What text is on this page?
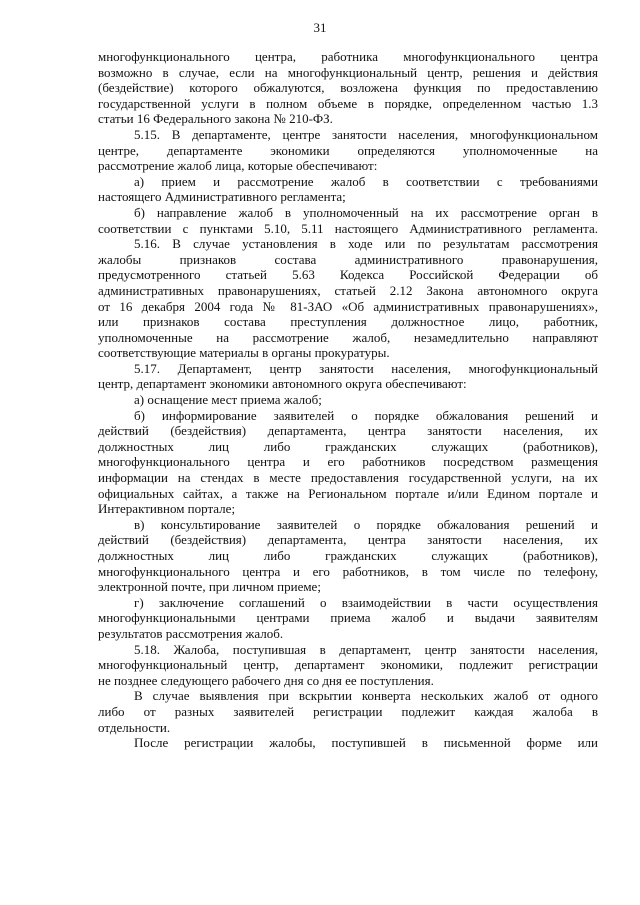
31

многофункционального центра, работника многофункционального центра
возможно в случае, если на многофункциональный центр, решения и действия
(бездействие) которого обжалуются, возложена функция по предоставлению
государственной услуги в полном объеме в порядке, определенном частью 1.3

статьи 16 Федерального закона № 210-ФЗ.

5.15. В департаменте, центре занятости населения, многофункциональном
центре, департаменте экономики определяются уполномоченные на

рассмотрение жалоб лица, которые обеспечивают:

а) прием и рассмотрение жалоб в соответствии с требованиями

настоящего Административного регламента;

б) направление жалоб в уполномоченный на их рассмотрение орган в
соответствии с пунктами 5.10, 5.11 настоящего Административного регламента.

5.16. В случае установления в ходе или по результатам рассмотрения
жалобы признаков состава административного правонарушения,
предусмотренного статьей 5.63 Кодекса Российской Федерации об
административных правонарушениях, статьей 2.12 Закона автономного округа
от 16 декабря 2004 года № 81-ЗАО «Об административных правонарушениях»,
или признаков состава преступления должностное лицо, работник,
уполномоченные на рассмотрение жалоб, незамедлительно направляют

соответствующие материалы в органы прокуратуры.

5.17. Департамент, центр занятости населения, многофункциональный

центр, департамент экономики автономного округа обеспечивают:

а) оснащение мест приема жалоб;

б) информирование заявителей о порядке обжалования решений и
действий (бездействия) департамента, центра занятости населения, их
должностных лиц либо гражданских служащих (работников),
многофункционального центра и его работников посредством размещения
информации на стендах в месте предоставления государственной услуги, на их
официальных сайтах, а также на Региональном портале и/или Едином портале и

Интерактивном портале;

в) консультирование заявителей о порядке обжалования решений и
действий (бездействия) департамента, центра занятости населения, их
должностных лиц либо гражданских служащих (работников),
многофункционального центра и его работников, в том числе по телефону,

электронной почте, при личном приеме;

г) заключение соглашений о взаимодействии в части осуществления
многофункциональными центрами приема жалоб и выдачи заявителям

результатов рассмотрения жалоб.

5.18. Жалоба, поступившая в департамент, центр занятости населения,
многофункциональный центр, департамент экономики, подлежит регистрации

не позднее следующего рабочего дня со дня ее поступления.

В случае выявления при вскрытии конверта нескольких жалоб от одного
либо от разных заявителей регистрации подлежит каждая жалоба в

отдельности.

После регистрации жалобы, поступившей в письменной форме или
